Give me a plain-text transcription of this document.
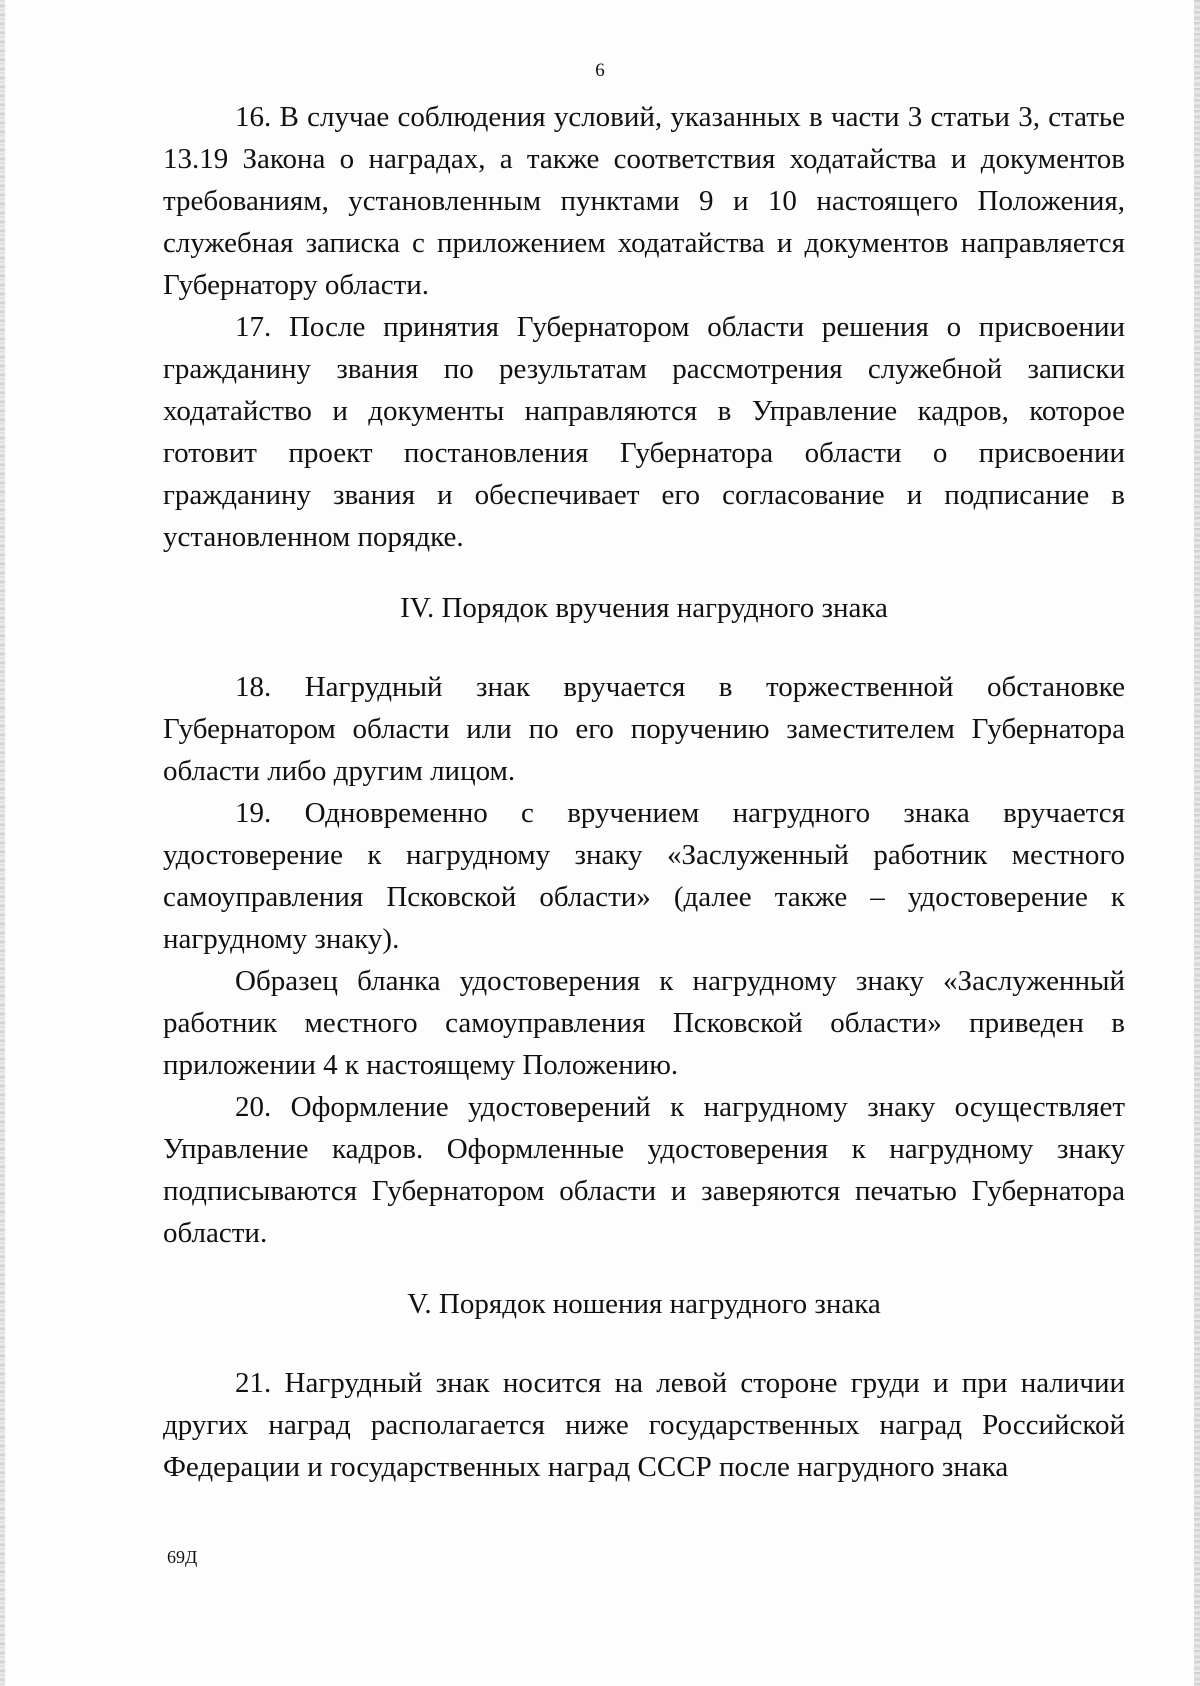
6

16. В случае соблюдения условий, указанных в части 3 статьи 3, статье 13.19 Закона о наградах, а также соответствия ходатайства и документов требованиям, установленным пунктами 9 и 10 настоящего Положения, служебная записка с приложением ходатайства и документов направляется Губернатору области.

17. После принятия Губернатором области решения о присвоении гражданину звания по результатам рассмотрения служебной записки ходатайство и документы направляются в Управление кадров, которое готовит проект постановления Губернатора области о присвоении гражданину звания и обеспечивает его согласование и подписание в установленном порядке.

IV. Порядок вручения нагрудного знака

18. Нагрудный знак вручается в торжественной обстановке Губернатором области или по его поручению заместителем Губернатора области либо другим лицом.

19. Одновременно с вручением нагрудного знака вручается удостоверение к нагрудному знаку «Заслуженный работник местного самоуправления Псковской области» (далее также – удостоверение к нагрудному знаку).

Образец бланка удостоверения к нагрудному знаку «Заслуженный работник местного самоуправления Псковской области» приведен в приложении 4 к настоящему Положению.

20. Оформление удостоверений к нагрудному знаку осуществляет Управление кадров. Оформленные удостоверения к нагрудному знаку подписываются Губернатором области и заверяются печатью Губернатора области.

V. Порядок ношения нагрудного знака

21. Нагрудный знак носится на левой стороне груди и при наличии других наград располагается ниже государственных наград Российской Федерации и государственных наград СССР после нагрудного знака

69Д
